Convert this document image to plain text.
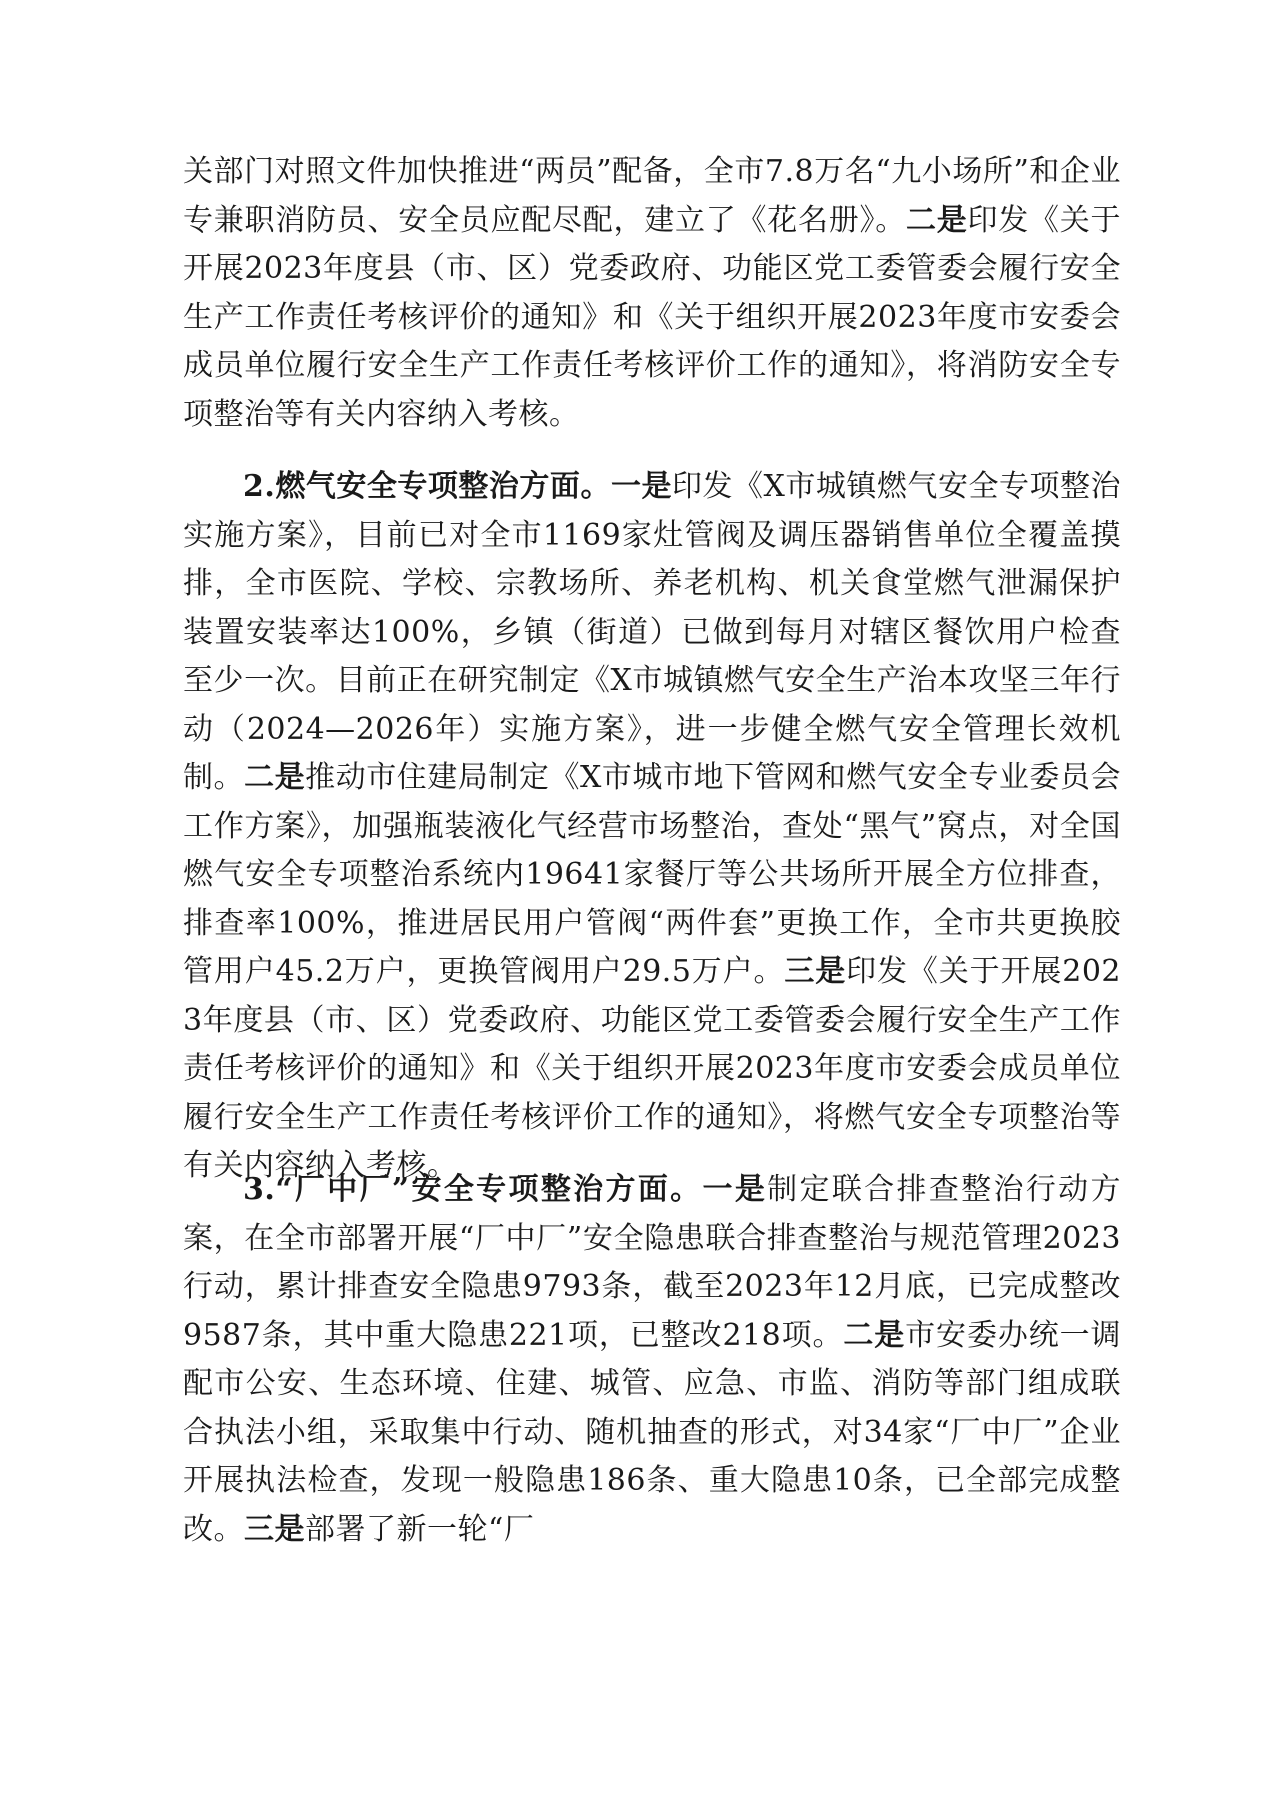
关部门对照文件加快推进“两员”配备，全市7.8万名“九小场所”和企业专兼职消防员、安全员应配尽配，建立了《花名册》。二是印发《关于开展2023年度县（市、区）党委政府、功能区党工委管委会履行安全生产工作责任考核评价的通知》和《关于组织开展2023年度市安委会成员单位履行安全生产工作责任考核评价工作的通知》，将消防安全专项整治等有关内容纳入考核。

2.燃气安全专项整治方面。一是印发《X市城镇燃气安全专项整治实施方案》，目前已对全市1169家灶管阀及调压器销售单位全覆盖摸排，全市医院、学校、宗教场所、养老机构、机关食堂燃气泄漏保护装置安装率达100%，乡镇（街道）已做到每月对辖区餐饮用户检查至少一次。目前正在研究制定《X市城镇燃气安全生产治本攻坚三年行动（2024—2026年）实施方案》，进一步健全燃气安全管理长效机制。二是推动市住建局制定《X市城市地下管网和燃气安全专业委员会工作方案》，加强瓶装液化气经营市场整治，查处“黑气”窝点，对全国燃气安全专项整治系统内19641家餐厅等公共场所开展全方位排查，排查率100%，推进居民用户管阀“两件套”更换工作，全市共更换胶管用户45.2万户，更换管阀用户29.5万户。三是印发《关于开展2023年度县（市、区）党委政府、功能区党工委管委会履行安全生产工作责任考核评价的通知》和《关于组织开展2023年度市安委会成员单位履行安全生产工作责任考核评价工作的通知》，将燃气安全专项整治等有关内容纳入考核。

3.“厂中厂”安全专项整治方面。一是制定联合排查整治行动方案，在全市部署开展“厂中厂”安全隐患联合排查整治与规范管理2023行动，累计排查安全隐患9793条，截至2023年12月底，已完成整改9587条，其中重大隐患221项，已整改218项。二是市安委办统一调配市公安、生态环境、住建、城管、应急、市监、消防等部门组成联合执法小组，采取集中行动、随机抽查的形式，对34家“厂中厂”企业开展执法检查，发现一般隐患186条、重大隐患10条，已全部完成整改。三是部署了新一轮“厂
